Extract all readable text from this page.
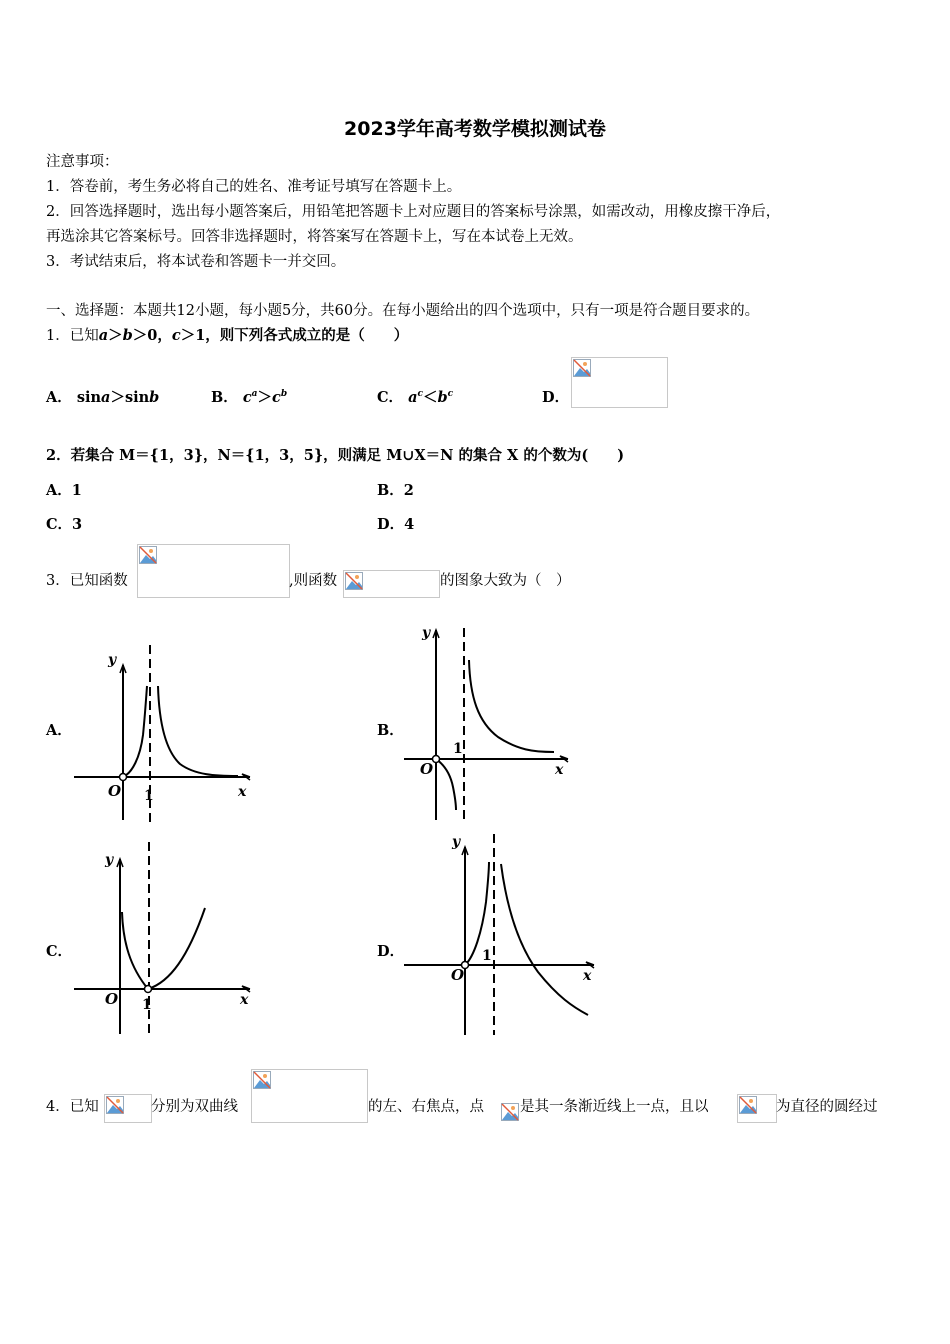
2023学年高考数学模拟测试卷
注意事项：
1．答卷前，考生务必将自己的姓名、准考证号填写在答题卡上。
2．回答选择题时，选出每小题答案后，用铅笔把答题卡上对应题目的答案标号涂黑，如需改动，用橡皮擦干净后，
再选涂其它答案标号。回答非选择题时，将答案写在答题卡上，写在本试卷上无效。
3．考试结束后，将本试卷和答题卡一并交回。
一、选择题：本题共12小题，每小题5分，共60分。在每小题给出的四个选项中，只有一项是符合题目要求的。
1．已知a＞b＞0，c＞1，则下列各式成立的是（　　）
A． sina＞sinb	B． $c^a>c^b$	C． $a^c<b^c$	D．
2．若集合 M＝{1，3}，N＝{1，3，5}，则满足 M∪X＝N 的集合 X 的个数为(　　)
A．1	B．2
C．3	D．4
3．已知函数	,则函数	的图象大致为（　）
A．	B．
C．	D．
y
O 1	x
y
O
1
x
y
O 1	x
y
O
1
x
4．已知	分别为双曲线	的左、右焦点，点 是其一条渐近线上一点，且以	为直径的圆经过
